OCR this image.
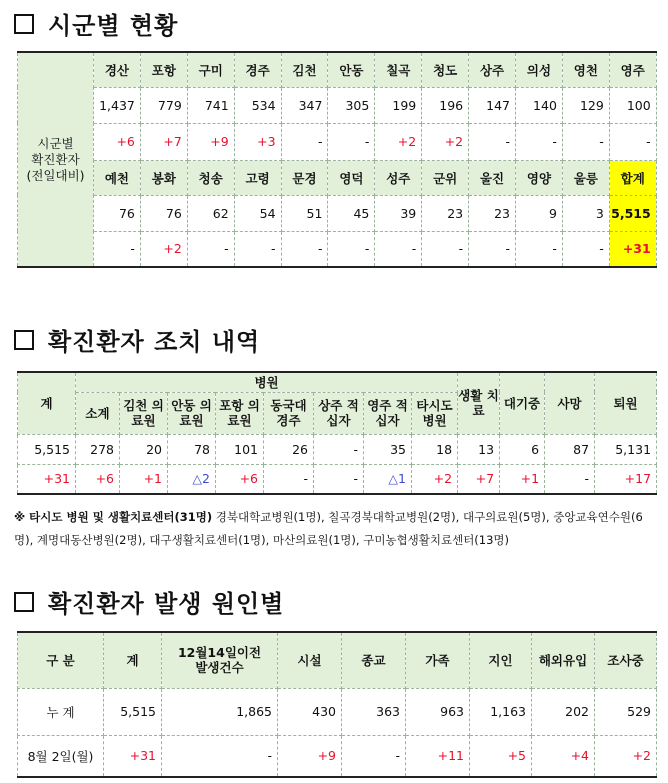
시군별 현황
시군별
확진환자
(전일대비)	경산	포항	구미	경주	김천	안동	칠곡	청도	상주	의성	영천	영주
	1,437	779	741	534	347	305	199	196	147	140	129	100
	+6	+7	+9	+3	-	-	+2	+2	-	-	-	-
	예천	봉화	청송	고령	문경	영덕	성주	군위	울진	영양	울릉	합계
	76	76	62	54	51	45	39	23	23	9	3	5,515
	-	+2	-	-	-	-	-	-	-	-	-	+31
확진환자 조치 내역
계	병원								생활 치료	대기중	사망	퇴원
	소계	김천 의료원	안동 의료원	포항 의료원	동국대 경주	상주 적십자	영주 적십자	타시도 병원				
5,515	278	20	78	101	26	-	35	18	13	6	87	5,131
+31	+6	+1	△2	+6	-	-	△1	+2	+7	+1	-	+17
※ 타시도 병원 및 생활치료센터(31명) 경북대학교병원(1명), 칠곡경북대학교병원(2명), 대구의료원(5명), 중앙교육연수원(6명), 계명대동산병원(2명), 대구생활치료센터(1명), 마산의료원(1명), 구미농협생활치료센터(13명)
확진환자 발생 원인별
구 분	계	12월14일이전 발생건수	시설	종교	가족	지인	해외유입	조사중
누 계	5,515	1,865	430	363	963	1,163	202	529
8월 2일(월)	+31	-	+9	-	+11	+5	+4	+2
